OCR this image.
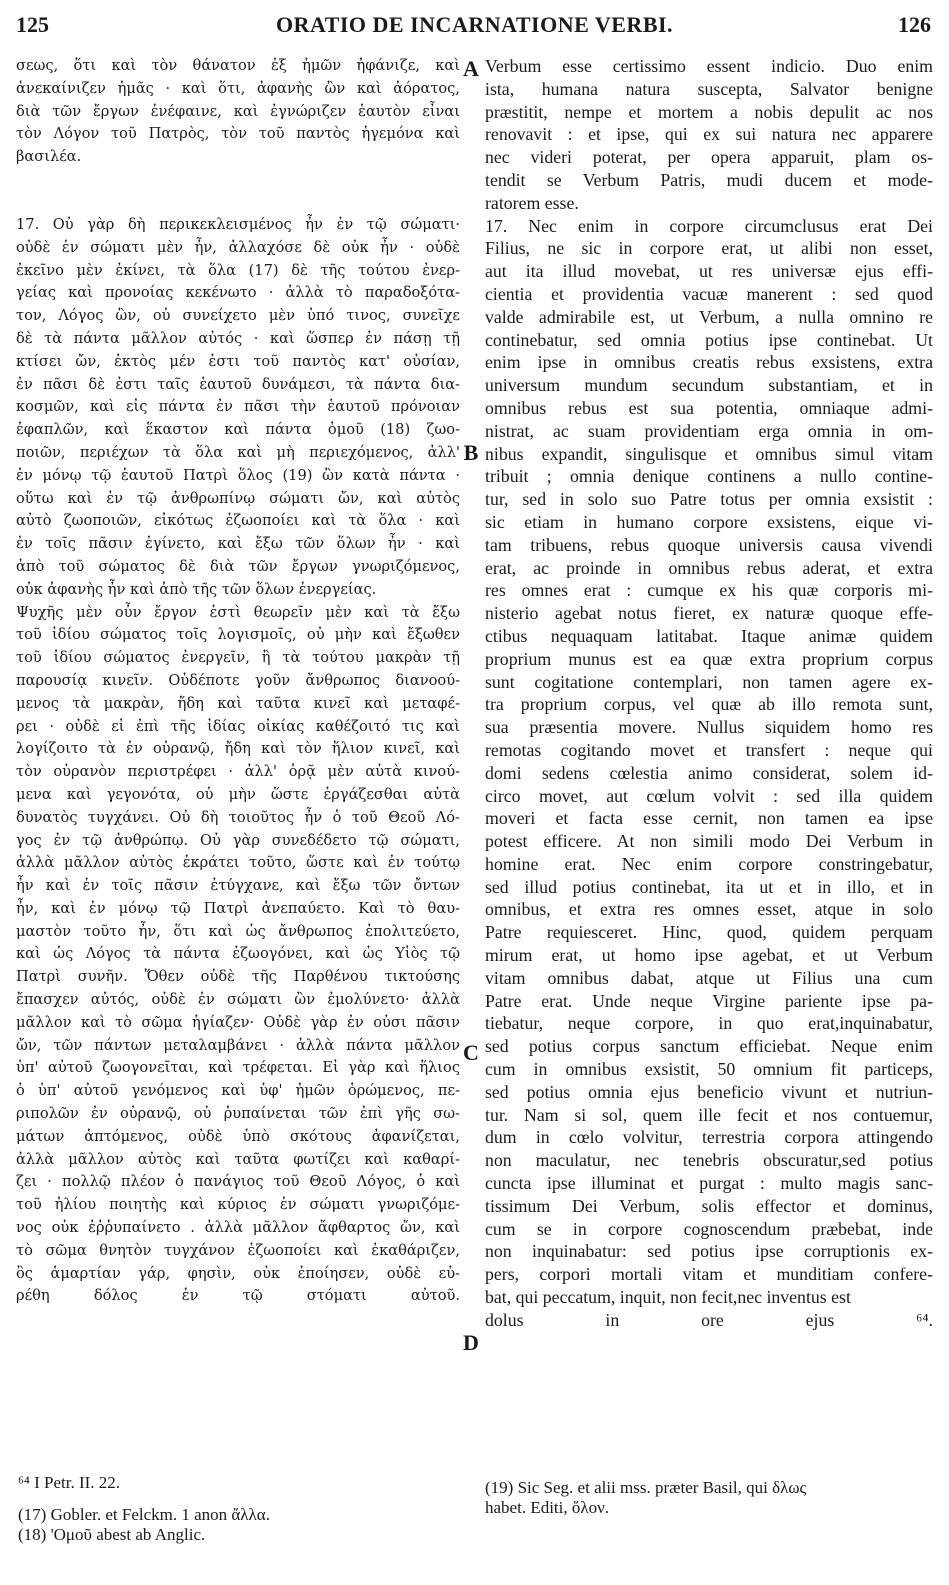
125	ORATIO DE INCARNATIONE VERBI.	126
σεως, ὅτι καὶ τὸν θάνατον ἐξ ἡμῶν ἠφάνιζε, καὶ
ἀνεκαίνιζεν ἡμᾶς · καὶ ὅτι, ἀφανὴς ὢν καὶ ἀόρατος,
διὰ τῶν ἔργων ἐνέφαινε, καὶ ἐγνώριζεν ἑαυτὸν εἶναι
τὸν Λόγον τοῦ Πατρὸς, τὸν τοῦ παντὸς ἡγεμόνα καὶ
βασιλέα.
17. Οὐ γὰρ δὴ περικεκλεισμένος ἦν ἐν τῷ σώματι·
οὐδὲ ἐν σώματι μὲν ἦν, ἀλλαχόσε δὲ οὐκ ἦν · οὐδὲ
ἐκεῖνο μὲν ἐκίνει, τὰ ὅλα (17) δὲ τῆς τούτου ἐνερ-
γείας καὶ προνοίας κεκένωτο · ἀλλὰ τὸ παραδοξότα-
τον, Λόγος ὢν, οὐ συνείχετο μὲν ὑπό τινος, συνεῖχε
δὲ τὰ πάντα μᾶλλον αὐτός · καὶ ὥσπερ ἐν πάσῃ τῇ
κτίσει ὤν, ἐκτὸς μέν ἐστι τοῦ παντὸς κατ' οὐσίαν,
ἐν πᾶσι δὲ ἐστι ταῖς ἑαυτοῦ δυνάμεσι, τὰ πάντα δια-
κοσμῶν, καὶ εἰς πάντα ἐν πᾶσι τὴν ἑαυτοῦ πρόνοιαν
ἐφαπλῶν, καὶ ἕκαστον καὶ πάντα ὁμοῦ (18) ζωο-
ποιῶν, περιέχων τὰ ὅλα καὶ μὴ περιεχόμενος, ἀλλ'
ἐν μόνῳ τῷ ἑαυτοῦ Πατρὶ ὅλος (19) ὢν κατὰ πάντα ·
οὕτω καὶ ἐν τῷ ἀνθρωπίνῳ σώματι ὤν, καὶ αὐτὸς
αὐτὸ ζωοποιῶν, εἰκότως ἐζωοποίει καὶ τὰ ὅλα · καὶ
ἐν τοῖς πᾶσιν ἐγίνετο, καὶ ἔξω τῶν ὅλων ἦν · καὶ
ἀπὸ τοῦ σώματος δὲ διὰ τῶν ἔργων γνωριζόμενος,
οὐκ ἀφανὴς ἦν καὶ ἀπὸ τῆς τῶν ὅλων ἐνεργείας.
Ψυχῆς μὲν οὖν ἔργον ἐστὶ θεωρεῖν μὲν καὶ τὰ ἔξω
τοῦ ἰδίου σώματος τοῖς λογισμοῖς, οὐ μὴν καὶ ἔξωθεν
τοῦ ἰδίου σώματος ἐνεργεῖν, ἢ τὰ τούτου μακρὰν τῇ
παρουσίᾳ κινεῖν. Οὐδέποτε γοῦν ἄνθρωπος διανοού-
μενος τὰ μακρὰν, ἤδη καὶ ταῦτα κινεῖ καὶ μεταφέ-
ρει · οὐδὲ εἰ ἐπὶ τῆς ἰδίας οἰκίας καθέζοιτό τις καὶ
λογίζοιτο τὰ ἐν οὐρανῷ, ἤδη καὶ τὸν ἥλιον κινεῖ, καὶ
τὸν οὐρανὸν περιστρέφει · ἀλλ' ὁρᾷ μὲν αὐτὰ κινού-
μενα καὶ γεγονότα, οὐ μὴν ὥστε ἐργάζεσθαι αὐτὰ
δυνατὸς τυγχάνει. Οὐ δὴ τοιοῦτος ἦν ὁ τοῦ Θεοῦ Λό-
γος ἐν τῷ ἀνθρώπῳ. Οὐ γὰρ συνεδέδετο τῷ σώματι,
ἀλλὰ μᾶλλον αὐτὸς ἐκράτει τοῦτο, ὥστε καὶ ἐν τούτῳ
ἦν καὶ ἐν τοῖς πᾶσιν ἐτύγχανε, καὶ ἔξω τῶν ὄντων
ἦν, καὶ ἐν μόνῳ τῷ Πατρὶ ἀνεπαύετο. Καὶ τὸ θαυ-
μαστὸν τοῦτο ἦν, ὅτι καὶ ὡς ἄνθρωπος ἐπολιτεύετο,
καὶ ὡς Λόγος τὰ πάντα ἐζωογόνει, καὶ ὡς Υἱὸς τῷ
Πατρὶ συνῆν. Ὅθεν οὐδὲ τῆς Παρθένου τικτούσης
ἔπασχεν αὐτός, οὐδὲ ἐν σώματι ὢν ἐμολύνετο· ἀλλὰ
μᾶλλον καὶ τὸ σῶμα ἡγίαζεν· Οὐδὲ γὰρ ἐν οὐσι πᾶσιν
ὤν, τῶν πάντων μεταλαμβάνει · ἀλλὰ πάντα μᾶλλον
ὑπ' αὐτοῦ ζωογονεῖται, καὶ τρέφεται. Εἰ γὰρ καὶ ἥλιος
ὁ ὑπ' αὐτοῦ γενόμενος καὶ ὑφ' ἡμῶν ὁρώμενος, πε-
ριπολῶν ἐν οὐρανῷ, οὐ ῥυπαίνεται τῶν ἐπὶ γῆς σω-
μάτων ἁπτόμενος, οὐδὲ ὑπὸ σκότους ἀφανίζεται,
ἀλλὰ μᾶλλον αὐτὸς καὶ ταῦτα φωτίζει καὶ καθαρί-
ζει · πολλῷ πλέον ὁ πανάγιος τοῦ Θεοῦ Λόγος, ὁ καὶ
τοῦ ἡλίου ποιητὴς καὶ κύριος ἐν σώματι γνωριζόμε-
νος οὐκ ἐῤῥυπαίνετο . ἀλλὰ μᾶλλον ἄφθαρτος ὤν, καὶ
τὸ σῶμα θνητὸν τυγχάνον ἐζωοποίει καὶ ἐκαθάριζεν,
ὃς ἁμαρτίαν γάρ, φησὶν, οὐκ ἐποίησεν, οὐδὲ εὑ-
ρέθη δόλος ἐν τῷ στόματι αὐτοῦ.
Verbum esse certissimo essent indicio. Duo enim
ista, humana natura suscepta, Salvator benigne
præstitit, nempe et mortem a nobis depulit ac nos
renovavit : et ipse, qui ex sui natura nec apparere
nec videri poterat, per opera apparuit, plam os-
tendit se Verbum Patris, mudi ducem et mode-
ratorem esse.
17. Nec enim in corpore circumclusus erat Dei
Filius, ne sic in corpore erat, ut alibi non esset,
aut ita illud movebat, ut res universæ ejus effi-
cientia et providentia vacuæ manerent : sed quod
valde admirabile est, ut Verbum, a nulla omnino re
continebatur, sed omnia potius ipse continebat. Ut
enim ipse in omnibus creatis rebus exsistens, extra
universum mundum secundum substantiam, et in
omnibus rebus est sua potentia, omniaque admi-
nistrat, ac suam providentiam erga omnia in om-
nibus expandit, singulisque et omnibus simul vitam
tribuit ; omnia denique continens a nullo contine-
tur, sed in solo suo Patre totus per omnia exsistit :
sic etiam in humano corpore exsistens, eique vi-
tam tribuens, rebus quoque universis causa vivendi
erat, ac proinde in omnibus rebus aderat, et extra
res omnes erat : cumque ex his quæ corporis mi-
nisterio agebat notus fieret, ex naturæ quoque effe-
ctibus nequaquam latitabat. Itaque animæ quidem
proprium munus est ea quæ extra proprium corpus
sunt cogitatione contemplari, non tamen agere ex-
tra proprium corpus, vel quæ ab illo remota sunt,
sua præsentia movere. Nullus siquidem homo res
remotas cogitando movet et transfert : neque qui
domi sedens cœlestia animo considerat, solem id-
circo movet, aut cœlum volvit : sed illa quidem
moveri et facta esse cernit, non tamen ea ipse
potest efficere. At non simili modo Dei Verbum in
homine erat. Nec enim corpore constringebatur,
sed illud potius continebat, ita ut et in illo, et in
omnibus, et extra res omnes esset, atque in solo
Patre requiesceret. Hinc, quod, quidem perquam
mirum erat, ut homo ipse agebat, et ut Verbum
vitam omnibus dabat, atque ut Filius una cum
Patre erat. Unde neque Virgine pariente ipse pa-
tiebatur, neque corpore, in quo erat,inquinabatur,
sed potius corpus sanctum efficiebat. Neque enim
cum in omnibus exsistit, 50 omnium fit particeps,
sed potius omnia ejus beneficio vivunt et nutriun-
tur. Nam si sol, quem ille fecit et nos contuemur,
dum in cœlo volvitur, terrestria corpora attingendo
non maculatur, nec tenebris obscuratur,sed potius
cuncta ipse illuminat et purgat : multo magis sanc-
tissimum Dei Verbum, solis effector et dominus,
cum se in corpore cognoscendum præbebat, inde
non inquinabatur: sed potius ipse corruptionis ex-
pers, corpori mortali vitam et munditiam confere-
bat, qui peccatum, inquit, non fecit,nec inventus est
dolus in ore ejus ⁶⁴.
A
B
C
D
⁶⁴ I Petr. II. 22.
(17) Gobler. et Felckm. 1 anon ἄλλα.
(18) 'Ομοῦ abest ab Anglic.
(19) Sic Seg. et alii mss. præter Basil, qui δλως
habet. Editi, ὅλον.
